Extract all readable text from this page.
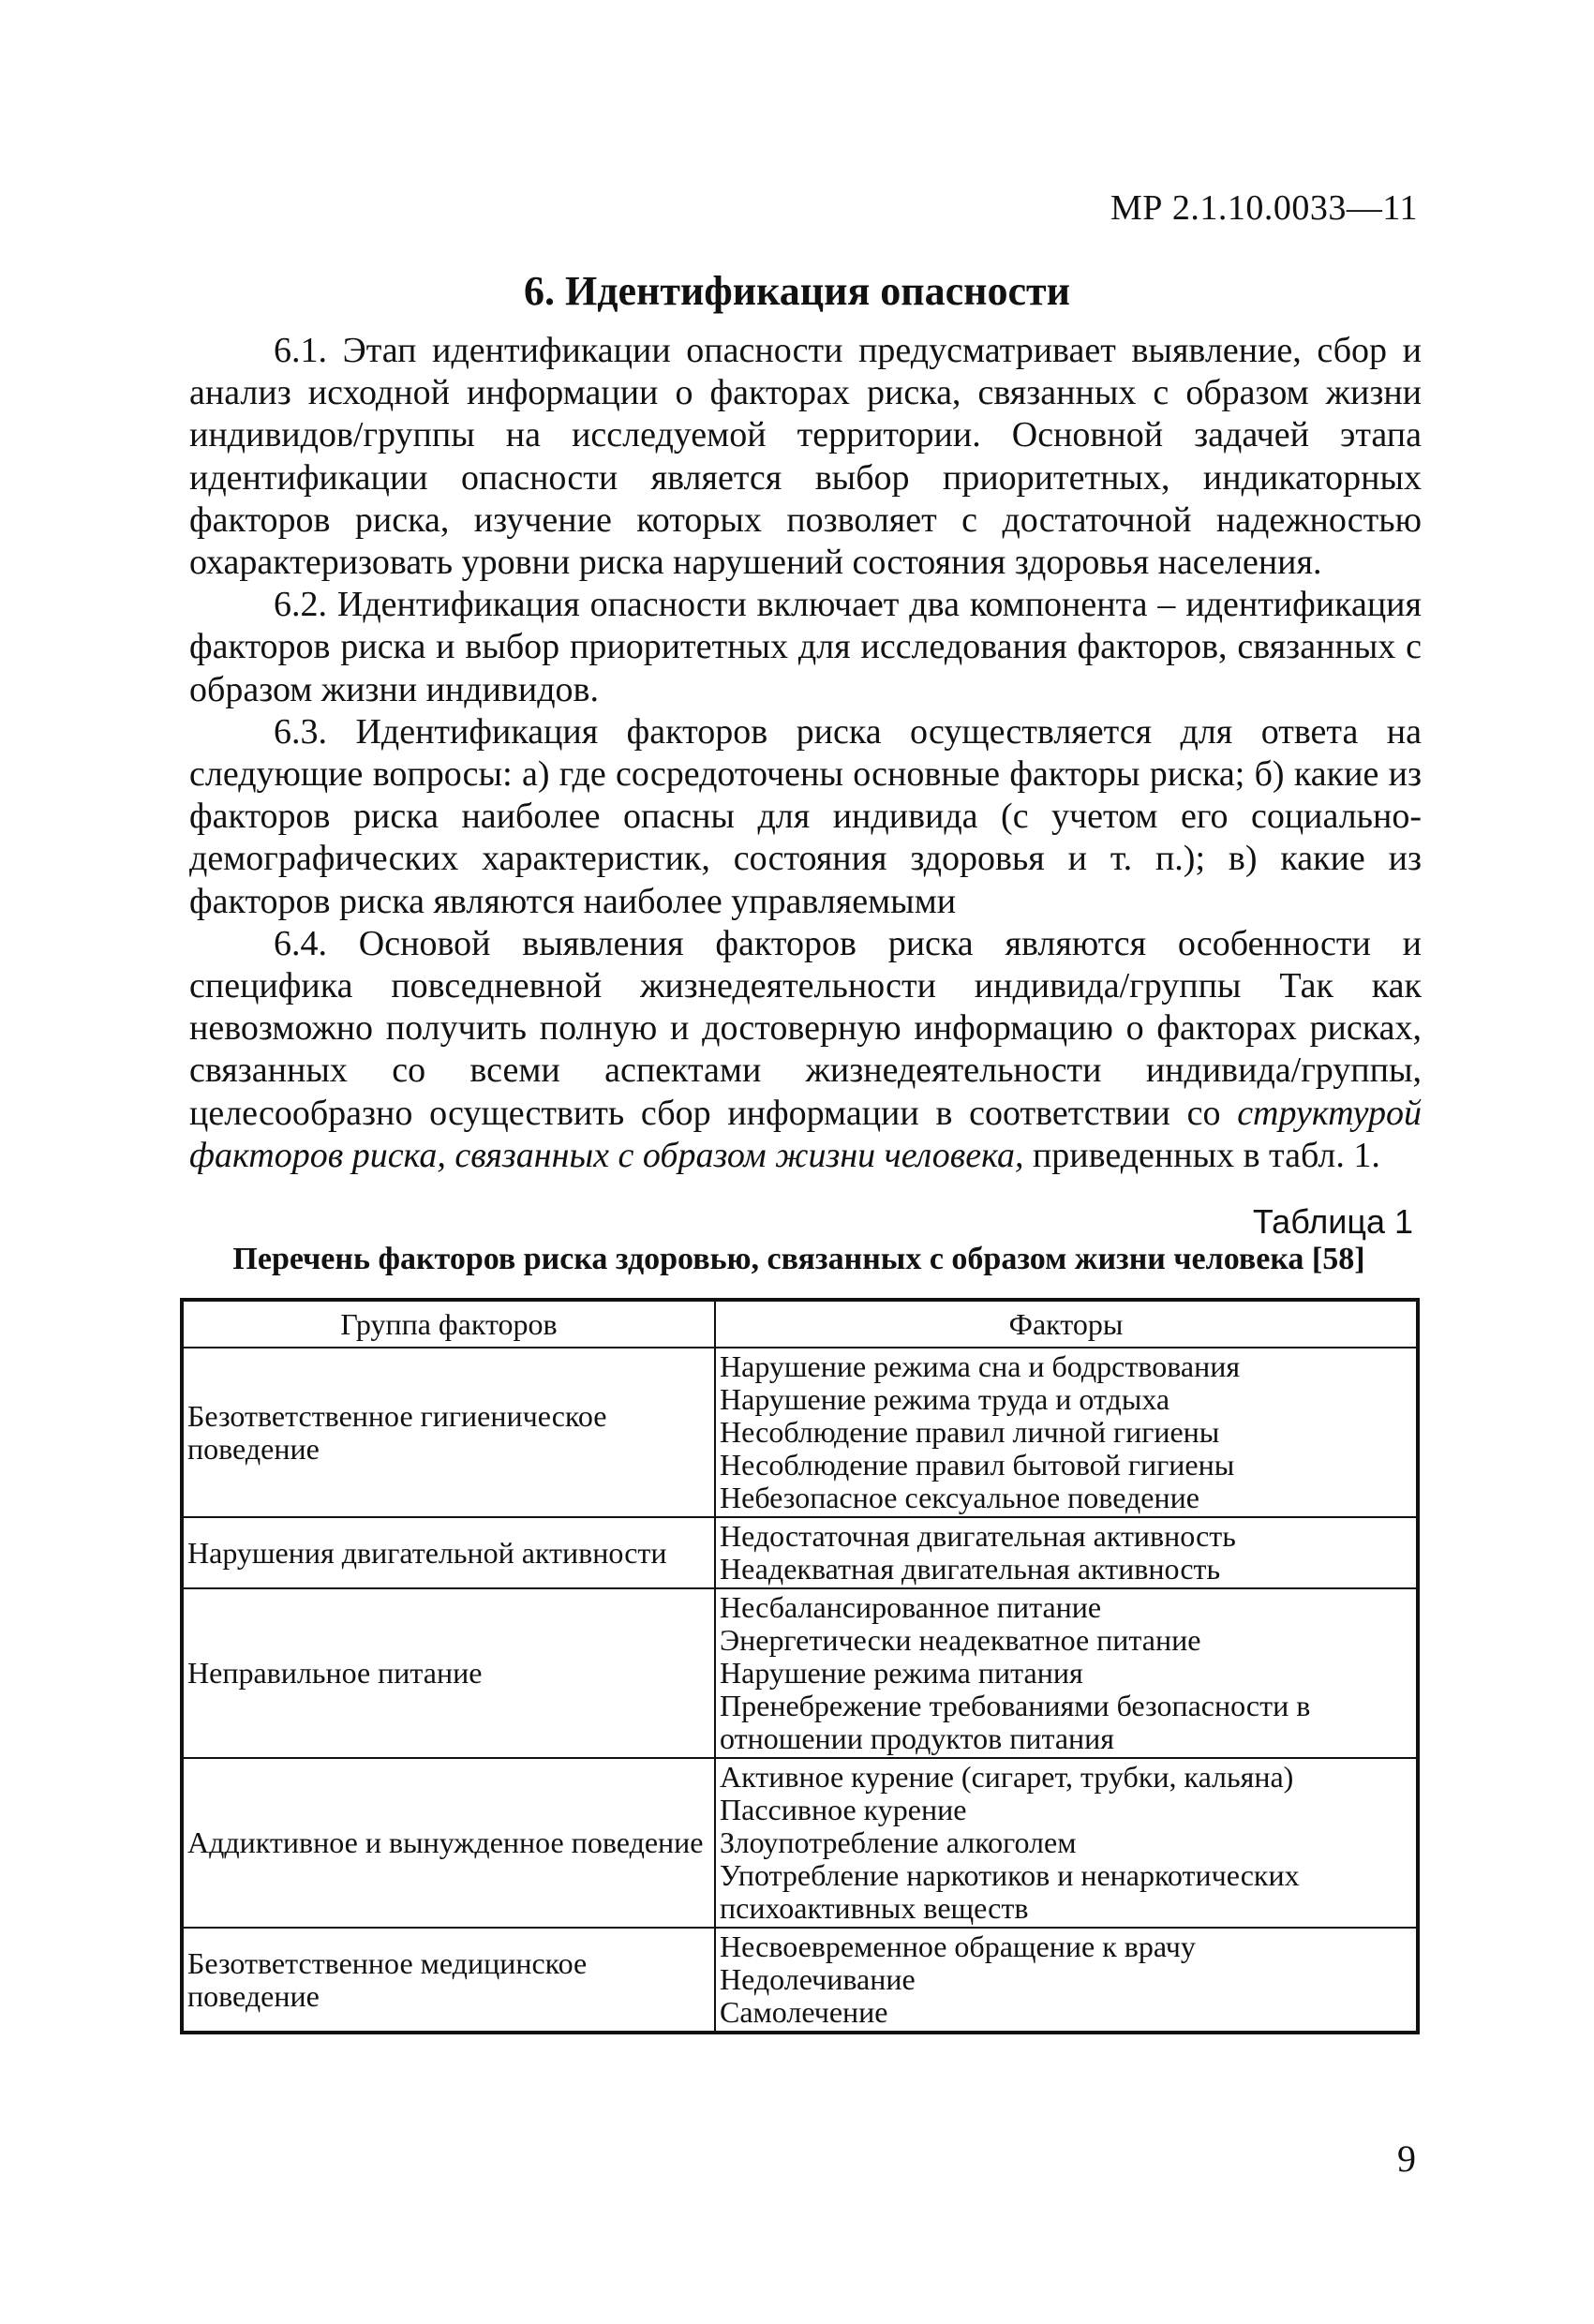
МР 2.1.10.0033—11
6. Идентификация опасности

6.1. Этап идентификации опасности предусматривает выявление, сбор и анализ исходной информации о факторах риска, связанных с образом жизни индивидов/группы на исследуемой территории. Основной задачей этапа идентификации опасности является выбор приоритетных, индикаторных факторов риска, изучение которых позволяет с достаточной надежностью охарактеризовать уровни риска нарушений состояния здоровья населения.

6.2. Идентификация опасности включает два компонента – идентификация факторов риска и выбор приоритетных для исследования факторов, связанных с образом жизни индивидов.

6.3. Идентификация факторов риска осуществляется для ответа на следующие вопросы: а) где сосредоточены основные факторы риска; б) какие из факторов риска наиболее опасны для индивида (с учетом его социально-демографических характеристик, состояния здоровья и т. п.); в) какие из факторов риска являются наиболее управляемыми

6.4. Основой выявления факторов риска являются особенности и специфика повседневной жизнедеятельности индивида/группы Так как невозможно получить полную и достоверную информацию о факторах рисках, связанных со всеми аспектами жизнедеятельности индивида/группы, целесообразно осуществить сбор информации в соответствии со структурой факторов риска, связанных с образом жизни человека, приведенных в табл. 1.

Таблица 1
Перечень факторов риска здоровью, связанных с образом жизни человека [58]
Группа факторов	Факторы
Безответственное гигиеническое поведение	Нарушение режима сна и бодрствования
Нарушение режима труда и отдыха
Несоблюдение правил личной гигиены
Несоблюдение правил бытовой гигиены
Небезопасное сексуальное поведение

Нарушения двигательной активности	Недостаточная двигательная активность
Неадекватная двигательная активность

Неправильное питание	Несбалансированное питание
Энергетически неадекватное питание
Нарушение режима питания
Пренебрежение требованиями безопасности в отношении продуктов питания

Аддиктивное и вынужденное поведение	Активное курение (сигарет, трубки, кальяна)
Пассивное курение
Злоупотребление алкоголем
Употребление наркотиков и ненаркотических психоактивных веществ

Безответственное медицинское поведение	Несвоевременное обращение к врачу
Недолечивание
Самолечение
9
